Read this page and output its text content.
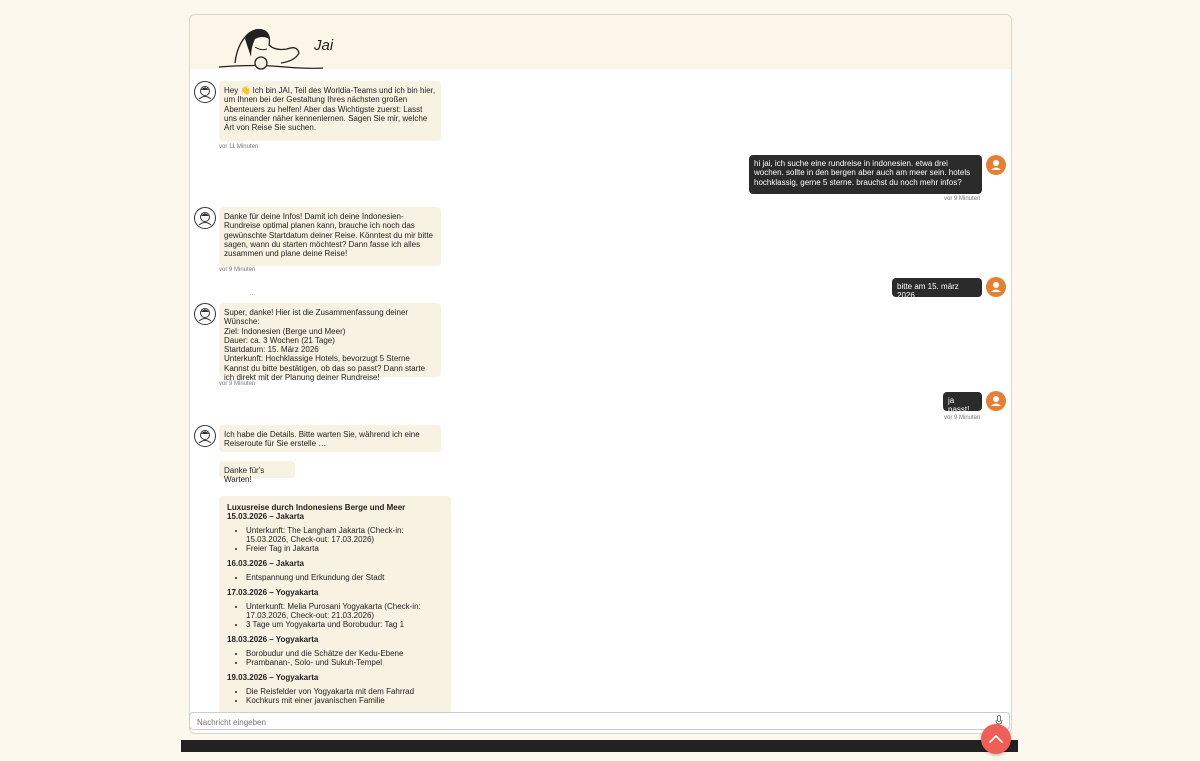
Jai
Hey 👋 Ich bin JAI, Teil des Worldia-Teams und ich bin hier, um Ihnen bei der Gestaltung Ihres nächsten großen Abenteuers zu helfen! Aber das Wichtigste zuerst: Lasst uns einander näher kennenlernen. Sagen Sie mir, welche Art von Reise Sie suchen.
vor 11 Minuten
hi jai, ich suche eine rundreise in indonesien. etwa drei wochen. sollte in den bergen aber auch am meer sein. hotels hochklassig, gerne 5 sterne. brauchst du noch mehr infos?
vor 9 Minuten
Danke für deine Infos! Damit ich deine Indonesien-Rundreise optimal planen kann, brauche ich noch das gewünschte Startdatum deiner Reise. Könntest du mir bitte sagen, wann du starten möchtest? Dann fasse ich alles zusammen und plane deine Reise!
vor 9 Minuten
bitte am 15. märz 2026
...
Super, danke! Hier ist die Zusammenfassung deiner Wünsche:
Ziel: Indonesien (Berge und Meer)
Dauer: ca. 3 Wochen (21 Tage)
Startdatum: 15. März 2026
Unterkunft: Hochklassige Hotels, bevorzugt 5 Sterne
Kannst du bitte bestätigen, ob das so passt? Dann starte ich direkt mit der Planung deiner Rundreise!
vor 9 Minuten
ja passt!
vor 9 Minuten
Ich habe die Details. Bitte warten Sie, während ich eine Reiseroute für Sie erstelle …
Danke für's Warten!
Luxusreise durch Indonesiens Berge und Meer
15.03.2026 – Jakarta
• Unterkunft: The Langham Jakarta (Check-in: 15.03.2026, Check-out: 17.03.2026)
• Freier Tag in Jakarta
16.03.2026 – Jakarta
• Entspannung und Erkundung der Stadt
17.03.2026 – Yogyakarta
• Unterkunft: Melia Purosani Yogyakarta (Check-in: 17.03.2026, Check-out: 21.03.2026)
• 3 Tage um Yogyakarta und Borobudur: Tag 1
18.03.2026 – Yogyakarta
• Borobudur und die Schätze der Kedu-Ebene
• Prambanan-, Solo- und Sukuh-Tempel
19.03.2026 – Yogyakarta
• Die Reisfelder von Yogyakarta mit dem Fahrrad
• Kochkurs mit einer javanischen Familie
Nachricht eingeben
